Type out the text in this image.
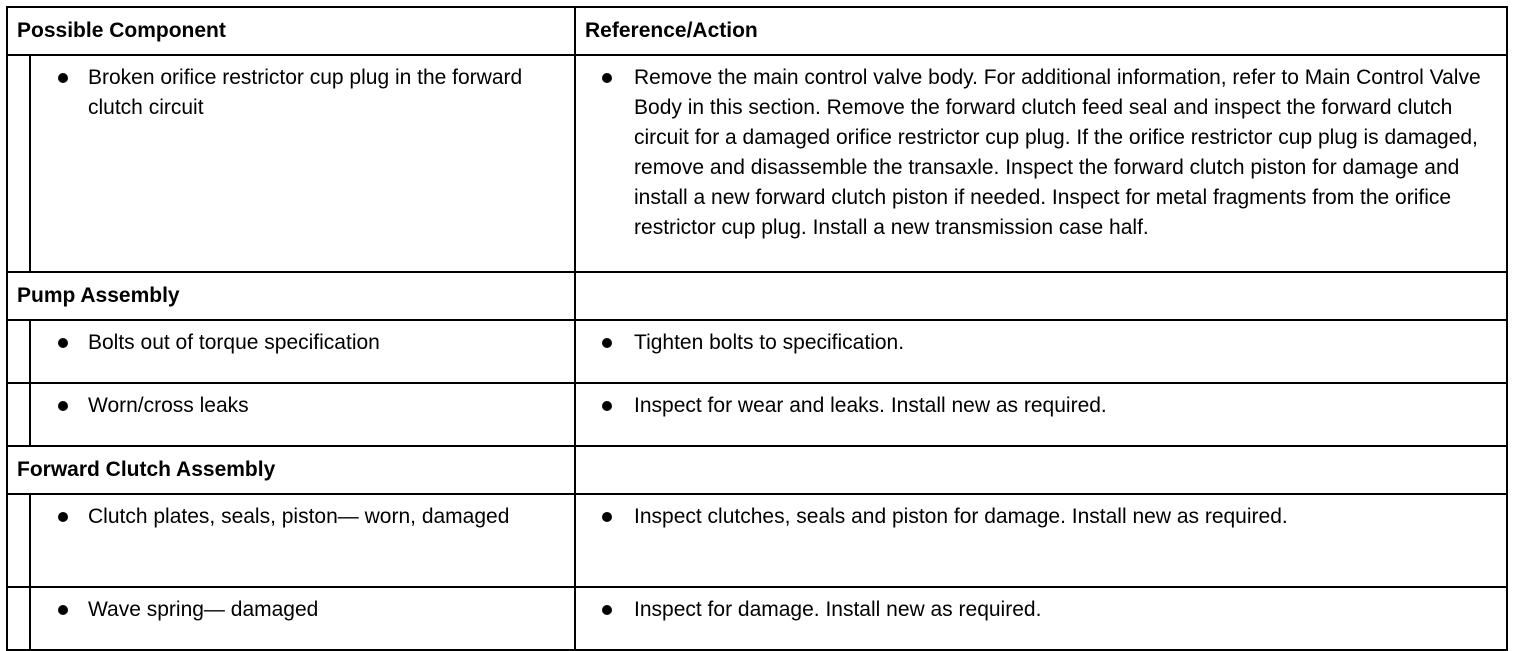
Possible Component		Reference/Action

Broken orifice restrictor cup plug in the forward clutch circuit	Remove the main control valve body. For additional information, refer to Main Control Valve Body in this section. Remove the forward clutch feed seal and inspect the forward clutch circuit for a damaged orifice restrictor cup plug. If the orifice restrictor cup plug is damaged, remove and disassemble the transaxle. Inspect the forward clutch piston for damage and install a new forward clutch piston if needed. Inspect for metal fragments from the orifice restrictor cup plug. Install a new transmission case half.

Pump Assembly		

Bolts out of torque specification	Tighten bolts to specification.

Worn/cross leaks	Inspect for wear and leaks. Install new as required.

Forward Clutch Assembly		

Clutch plates, seals, piston— worn, damaged	Inspect clutches, seals and piston for damage. Install new as required.

Wave spring— damaged	Inspect for damage. Install new as required.
